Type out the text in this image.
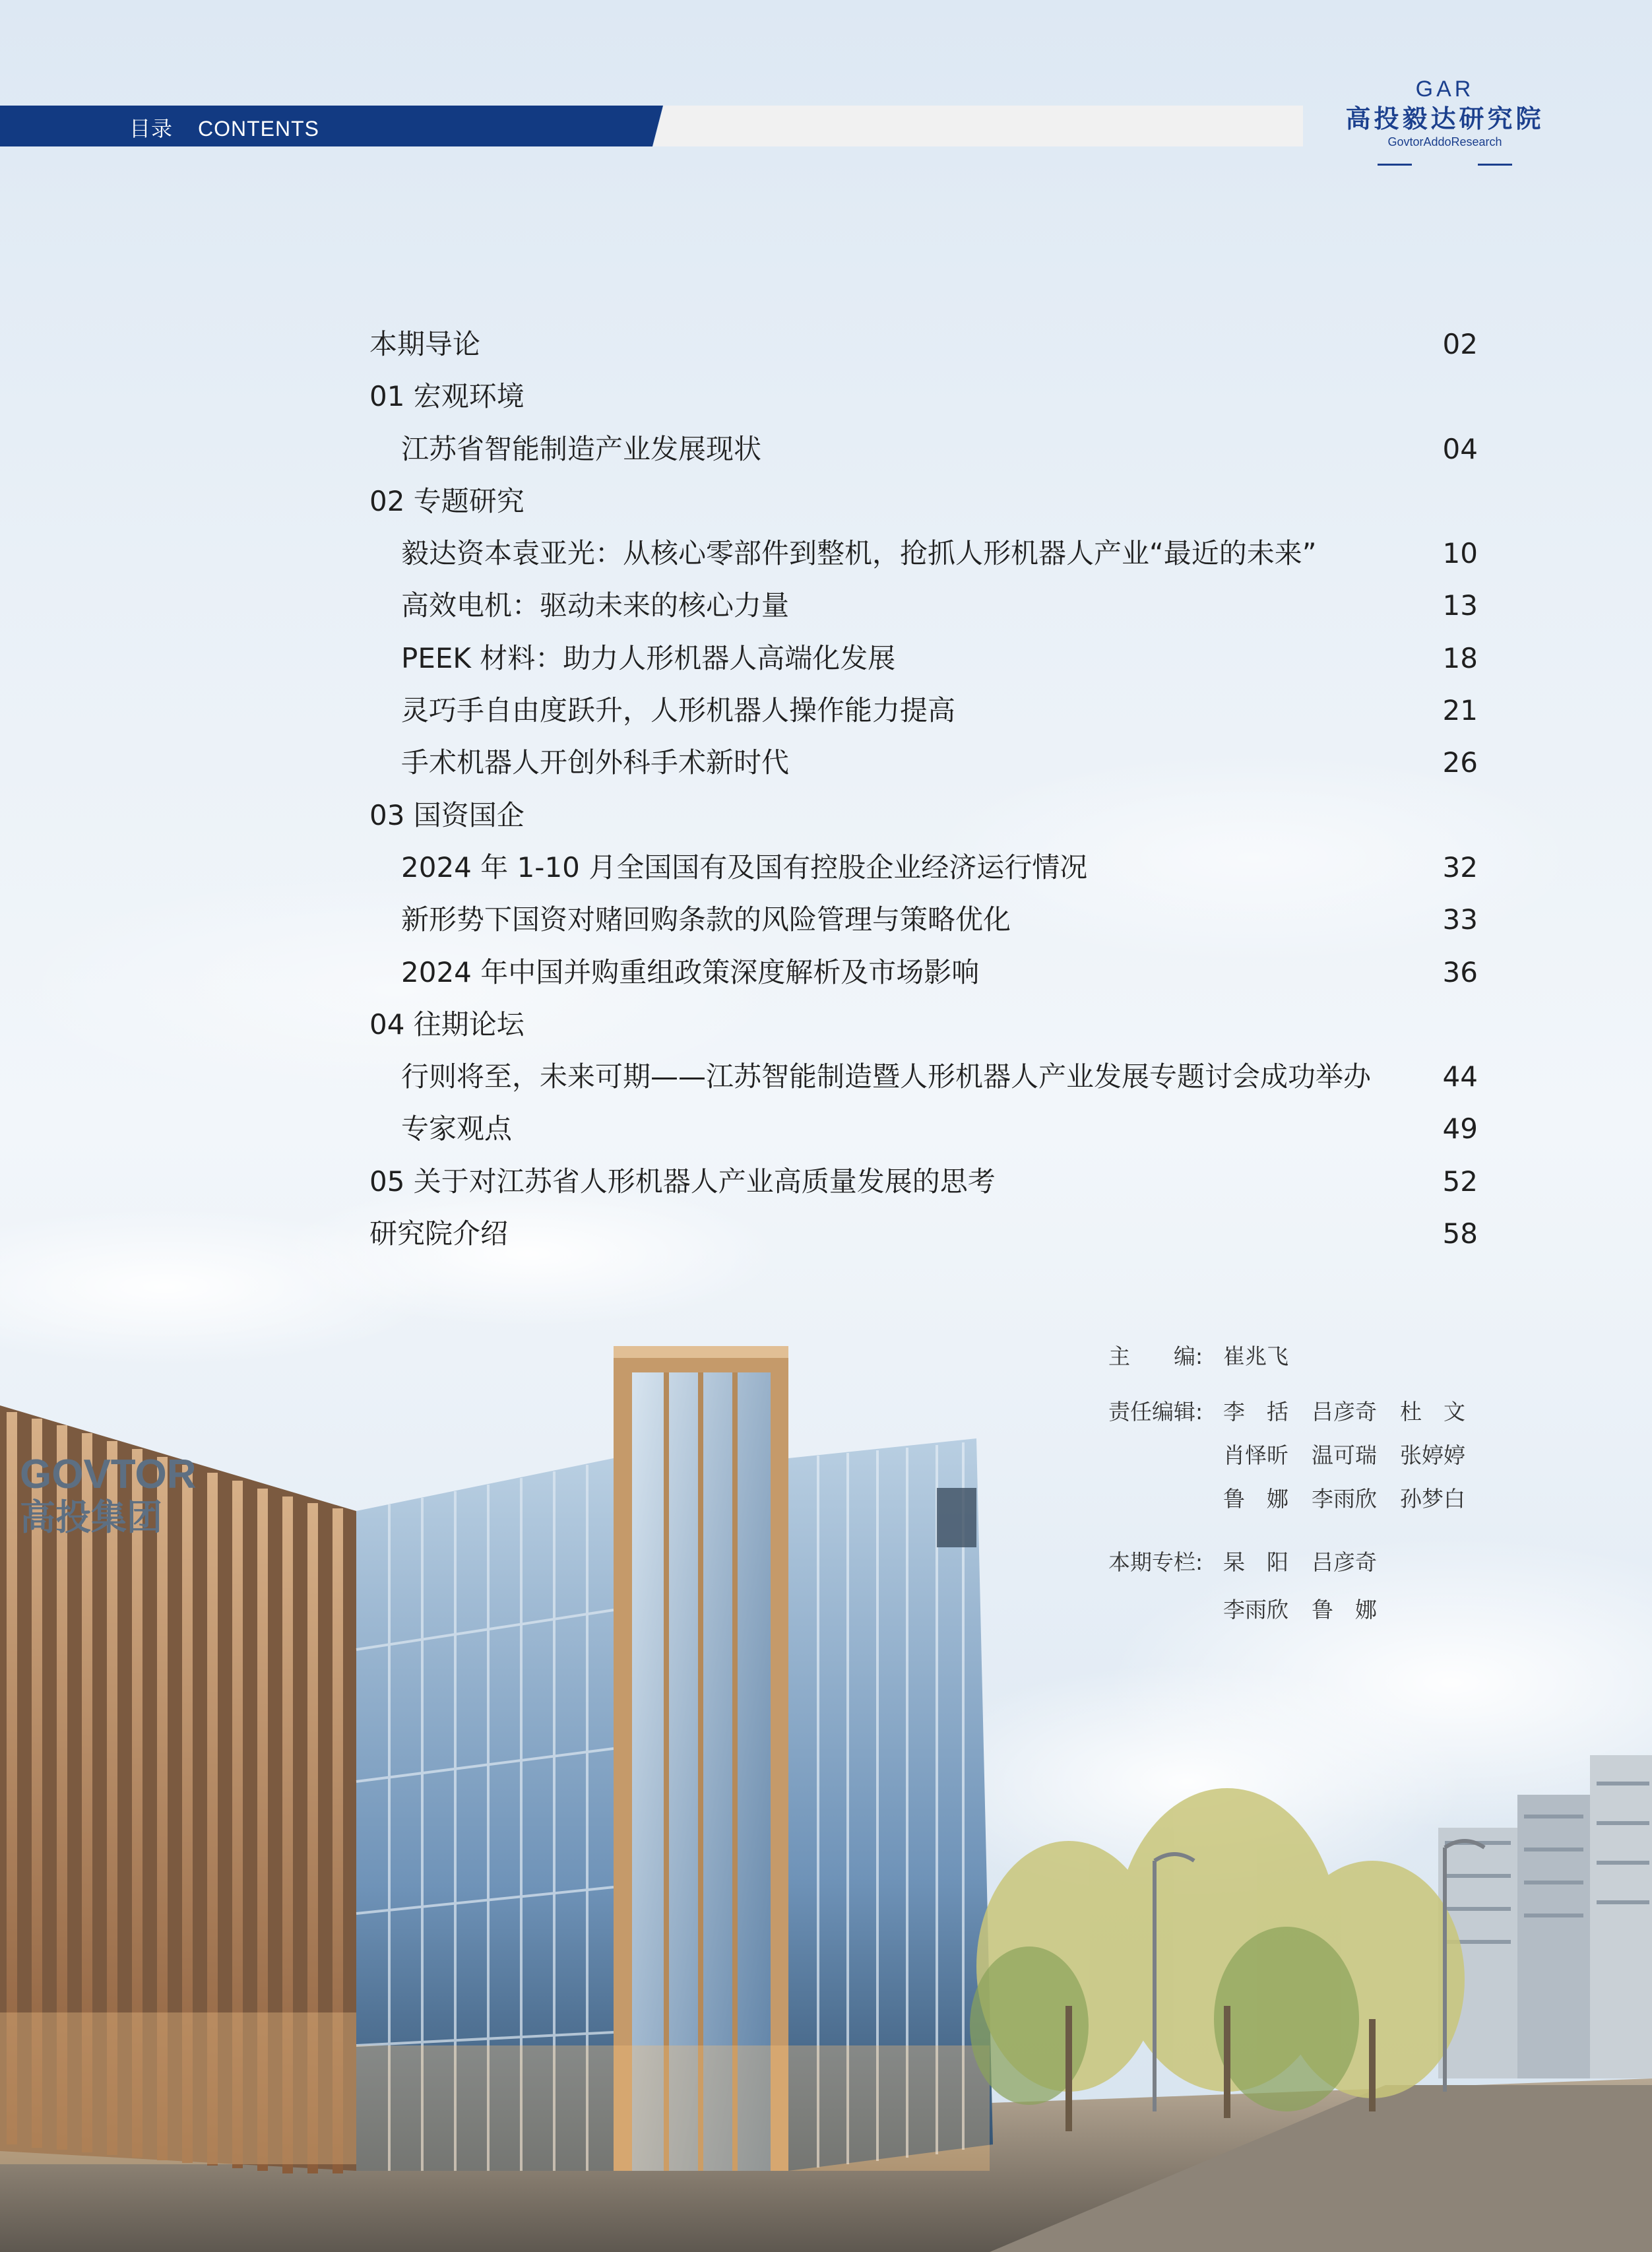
GOVTOR
高投集团
目录 CONTENTS
GAR
高投毅达研究院
GovtorAddoResearch
本期导论	02
01 宏观环境
江苏省智能制造产业发展现状	04
02 专题研究
毅达资本袁亚光：从核心零部件到整机，抢抓人形机器人产业“最近的未来”	10
高效电机：驱动未来的核心力量	13
PEEK 材料：助力人形机器人高端化发展	18
灵巧手自由度跃升，人形机器人操作能力提高	21
手术机器人开创外科手术新时代	26
03 国资国企
2024 年 1-10 月全国国有及国有控股企业经济运行情况	32
新形势下国资对赌回购条款的风险管理与策略优化	33
2024 年中国并购重组政策深度解析及市场影响	36
04 往期论坛
行则将至，未来可期——江苏智能制造暨人形机器人产业发展专题讨会成功举办	44
专家观点	49
05 关于对江苏省人形机器人产业高质量发展的思考	52
研究院介绍	58
主　　编: 崔兆飞
责任编辑: 李　括 吕彦奇 杜　文
肖怿昕 温可瑞 张婷婷
鲁　娜 李雨欣 孙梦白
本期专栏: 杲　阳 吕彦奇
李雨欣 鲁　娜
